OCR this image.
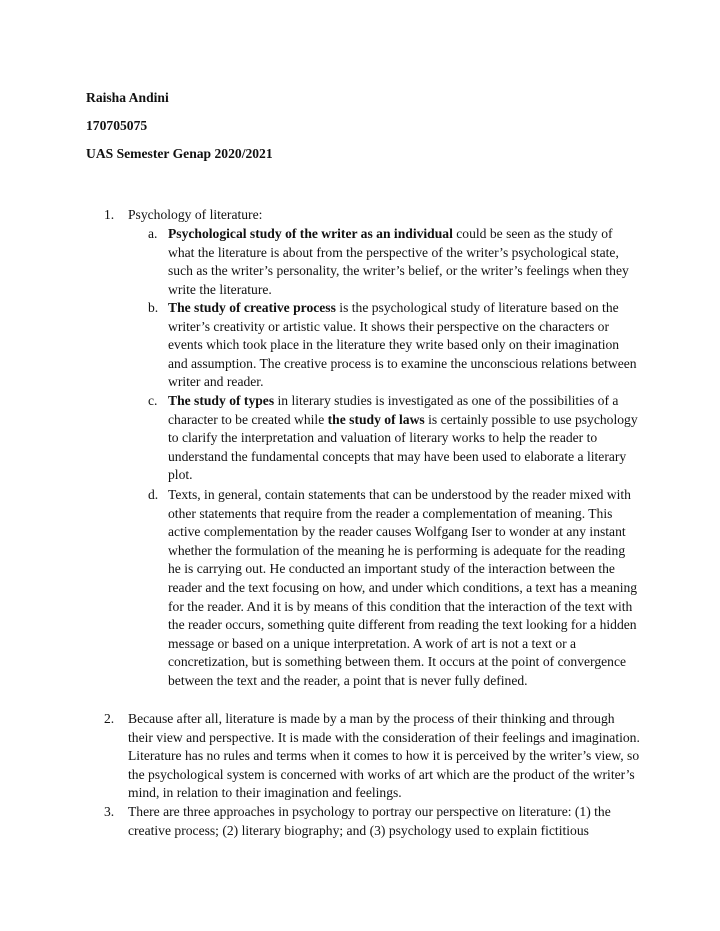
Raisha Andini
170705075
UAS Semester Genap 2020/2021
1. Psychology of literature:
a. Psychological study of the writer as an individual could be seen as the study of what the literature is about from the perspective of the writer’s psychological state, such as the writer’s personality, the writer’s belief, or the writer’s feelings when they write the literature.
b. The study of creative process is the psychological study of literature based on the writer’s creativity or artistic value. It shows their perspective on the characters or events which took place in the literature they write based only on their imagination and assumption. The creative process is to examine the unconscious relations between writer and reader.
c. The study of types in literary studies is investigated as one of the possibilities of a character to be created while the study of laws is certainly possible to use psychology to clarify the interpretation and valuation of literary works to help the reader to understand the fundamental concepts that may have been used to elaborate a literary plot.
d. Texts, in general, contain statements that can be understood by the reader mixed with other statements that require from the reader a complementation of meaning. This active complementation by the reader causes Wolfgang Iser to wonder at any instant whether the formulation of the meaning he is performing is adequate for the reading he is carrying out. He conducted an important study of the interaction between the reader and the text focusing on how, and under which conditions, a text has a meaning for the reader. And it is by means of this condition that the interaction of the text with the reader occurs, something quite different from reading the text looking for a hidden message or based on a unique interpretation. A work of art is not a text or a concretization, but is something between them. It occurs at the point of convergence between the text and the reader, a point that is never fully defined.
2. Because after all, literature is made by a man by the process of their thinking and through their view and perspective. It is made with the consideration of their feelings and imagination. Literature has no rules and terms when it comes to how it is perceived by the writer’s view, so the psychological system is concerned with works of art which are the product of the writer’s mind, in relation to their imagination and feelings.
3. There are three approaches in psychology to portray our perspective on literature: (1) the creative process; (2) literary biography; and (3) psychology used to explain fictitious
